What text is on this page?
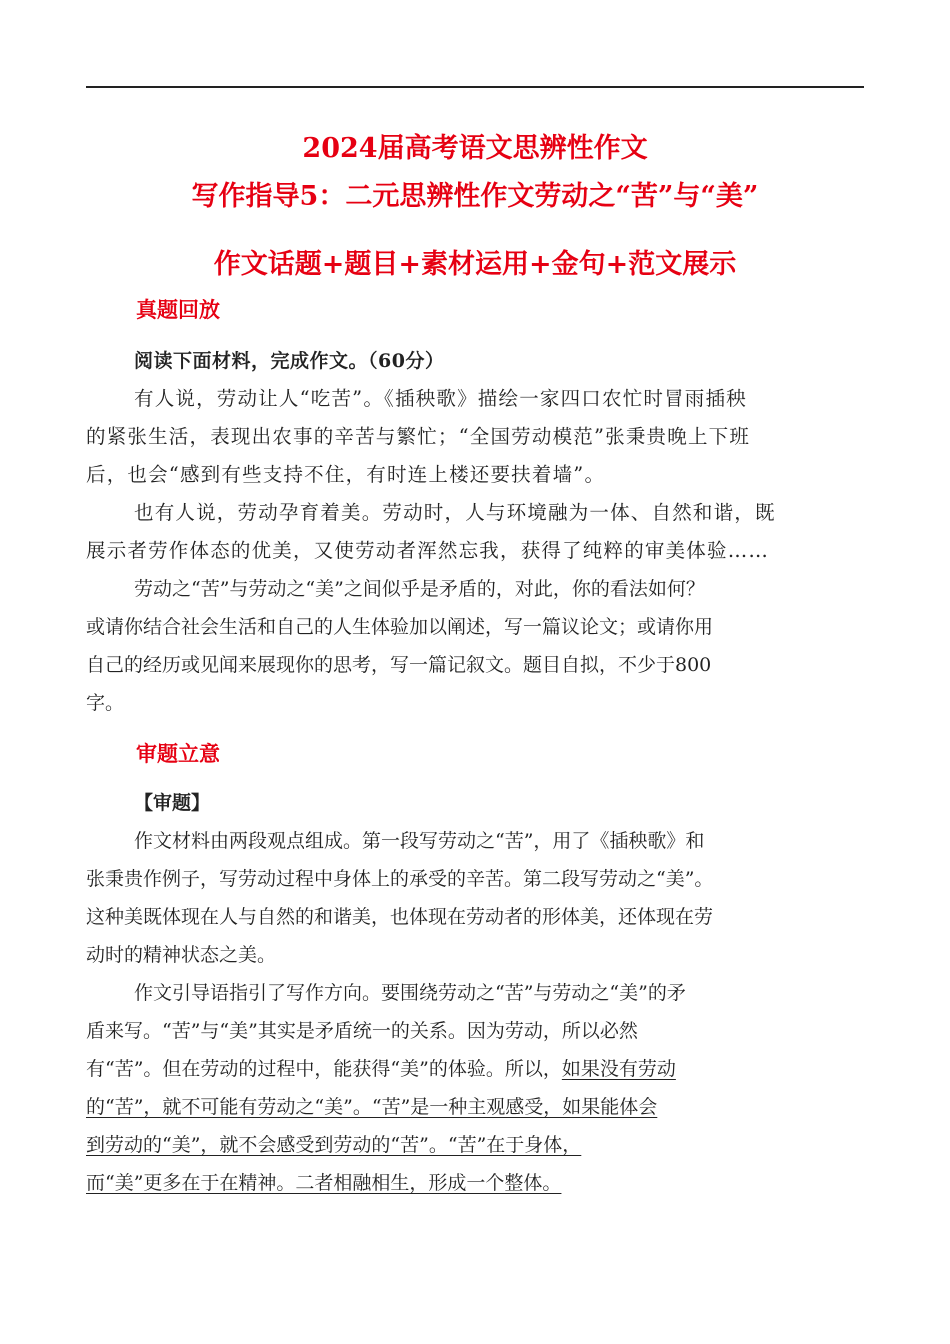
2024届高考语文思辨性作文
写作指导5：二元思辨性作文劳动之“苦”与“美”
作文话题+题目+素材运用+金句+范文展示
真题回放
阅读下面材料，完成作文。（60分）
有人说，劳动让人“吃苦”。《插秧歌》描绘一家四口农忙时冒雨插秧
的紧张生活，表现出农事的辛苦与繁忙；“全国劳动模范”张秉贵晚上下班
后，也会“感到有些支持不住，有时连上楼还要扶着墙”。
也有人说，劳动孕育着美。劳动时，人与环境融为一体、自然和谐，既
展示者劳作体态的优美，又使劳动者浑然忘我，获得了纯粹的审美体验……
劳动之“苦”与劳动之“美”之间似乎是矛盾的，对此，你的看法如何？
或请你结合社会生活和自己的人生体验加以阐述，写一篇议论文；或请你用
自己的经历或见闻来展现你的思考，写一篇记叙文。题目自拟，不少于800
字。
审题立意
【审题】
作文材料由两段观点组成。第一段写劳动之“苦”，用了《插秧歌》和
张秉贵作例子，写劳动过程中身体上的承受的辛苦。第二段写劳动之“美”。
这种美既体现在人与自然的和谐美，也体现在劳动者的形体美，还体现在劳
动时的精神状态之美。
作文引导语指引了写作方向。要围绕劳动之“苦”与劳动之“美”的矛
盾来写。“苦”与“美”其实是矛盾统一的关系。因为劳动，所以必然
有“苦”。但在劳动的过程中，能获得“美”的体验。所以，如果没有劳动
的“苦”，就不可能有劳动之“美”。“苦”是一种主观感受，如果能体会
到劳动的“美”，就不会感受到劳动的“苦”。“苦”在于身体，
而“美”更多在于在精神。二者相融相生，形成一个整体。
